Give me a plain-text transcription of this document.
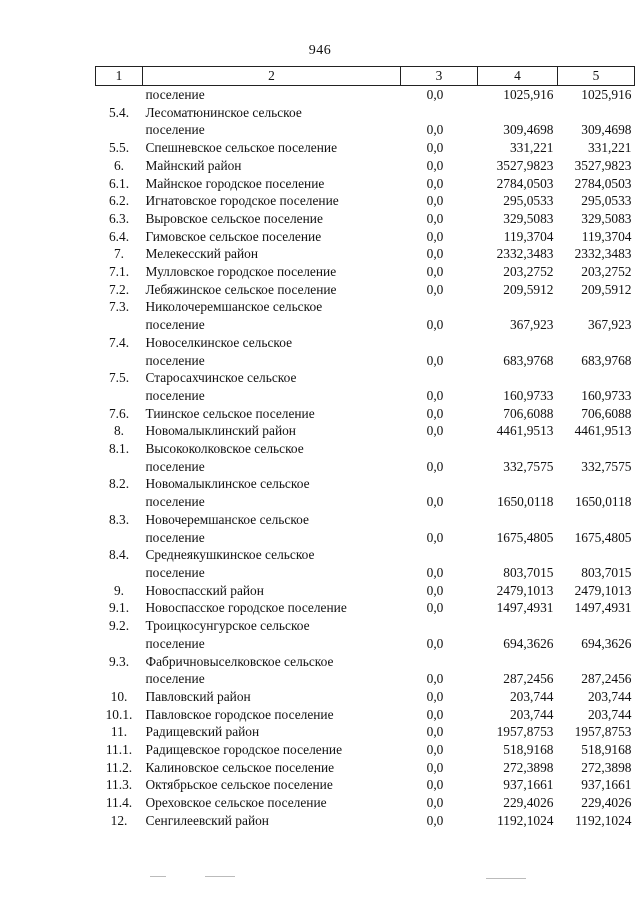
946
1	2	3	4	5

	поселение	0,0	1025,916	1025,916

5.4.	Лесоматюнинское сельское
поселение	0,0	309,4698	309,4698

5.5.	Спешневское сельское поселение	0,0	331,221	331,221

6.	Майнский район	0,0	3527,9823	3527,9823

6.1.	Майнское городское поселение	0,0	2784,0503	2784,0503

6.2.	Игнатовское городское поселение	0,0	295,0533	295,0533

6.3.	Выровское сельское поселение	0,0	329,5083	329,5083

6.4.	Гимовское сельское поселение	0,0	119,3704	119,3704

7.	Мелекесский район	0,0	2332,3483	2332,3483

7.1.	Мулловское городское поселение	0,0	203,2752	203,2752

7.2.	Лебяжинское сельское поселение	0,0	209,5912	209,5912

7.3.	Николочеремшанское сельское
поселение	0,0	367,923	367,923

7.4.	Новоселкинское сельское
поселение	0,0	683,9768	683,9768

7.5.	Старосахчинское сельское
поселение	0,0	160,9733	160,9733

7.6.	Тиинское сельское поселение	0,0	706,6088	706,6088

8.	Новомалыклинский район	0,0	4461,9513	4461,9513

8.1.	Высококолковское сельское
поселение	0,0	332,7575	332,7575

8.2.	Новомалыклинское сельское
поселение	0,0	1650,0118	1650,0118

8.3.	Новочеремшанское сельское
поселение	0,0	1675,4805	1675,4805

8.4.	Среднеякушкинское сельское
поселение	0,0	803,7015	803,7015

9.	Новоспасский район	0,0	2479,1013	2479,1013

9.1.	Новоспасское городское поселение	0,0	1497,4931	1497,4931

9.2.	Троицкосунгурское сельское
поселение	0,0	694,3626	694,3626

9.3.	Фабричновыселковское сельское
поселение	0,0	287,2456	287,2456

10.	Павловский район	0,0	203,744	203,744

10.1.	Павловское городское поселение	0,0	203,744	203,744

11.	Радищевский район	0,0	1957,8753	1957,8753

11.1.	Радищевское городское поселение	0,0	518,9168	518,9168

11.2.	Калиновское сельское поселение	0,0	272,3898	272,3898

11.3.	Октябрьское сельское поселение	0,0	937,1661	937,1661

11.4.	Ореховское сельское поселение	0,0	229,4026	229,4026

12.	Сенгилеевский район	0,0	1192,1024	1192,1024
